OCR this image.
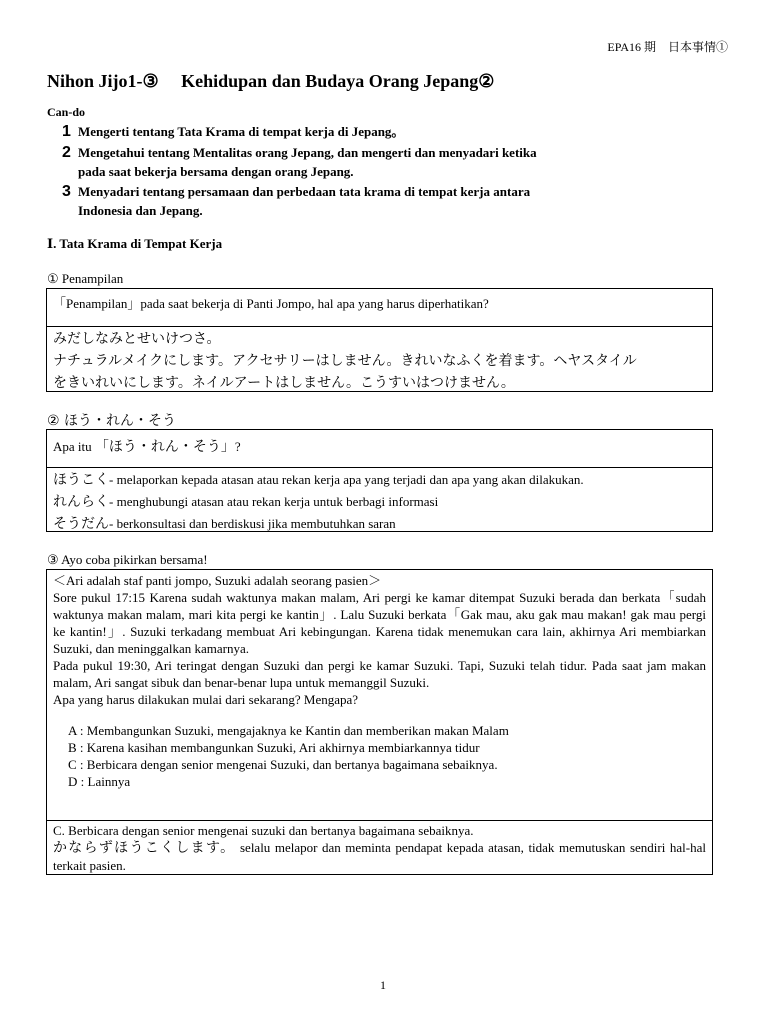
EPA16 期　日本事情①
Nihon Jijo1-③　 Kehidupan dan Budaya Orang Jepang②
Can-do
1 Mengerti tentang Tata Krama di tempat kerja di Jepang。
2 Mengetahui tentang Mentalitas orang Jepang, dan mengerti dan menyadari ketika
pada saat bekerja bersama dengan orang Jepang.
3 Menyadari tentang persamaan dan perbedaan tata krama di tempat kerja antara
Indonesia dan Jepang.
Ⅰ. Tata Krama di Tempat Kerja
① Penampilan
「Penampilan」pada saat bekerja di Panti Jompo, hal apa yang harus diperhatikan?
みだしなみとせいけつさ。
ナチュラルメイクにします。アクセサリーはしません。きれいなふくを着ます。ヘヤスタイル
をきいれいにします。ネイルアートはしません。こうすいはつけません。
② ほう・れん・そう
Apa itu 「ほう・れん・そう」?
ほうこく- melaporkan kepada atasan atau rekan kerja apa yang terjadi dan apa yang akan dilakukan.
れんらく- menghubungi atasan atau rekan kerja untuk berbagi informasi
そうだん- berkonsultasi dan berdiskusi jika membutuhkan saran
③ Ayo coba pikirkan bersama!

＜Ari adalah staf panti jompo, Suzuki adalah seorang pasien＞

Sore pukul 17:15 Karena sudah waktunya makan malam, Ari pergi ke kamar ditempat Suzuki berada dan berkata「sudah waktunya makan malam, mari kita pergi ke kantin」. Lalu Suzuki berkata「Gak mau, aku gak mau makan! gak mau pergi ke kantin!」. Suzuki terkadang membuat Ari kebingungan. Karena tidak menemukan cara lain, akhirnya Ari membiarkan Suzuki, dan meninggalkan kamarnya.

Pada pukul 19:30, Ari teringat dengan Suzuki dan pergi ke kamar Suzuki. Tapi, Suzuki telah tidur. Pada saat jam makan malam, Ari sangat sibuk dan benar-benar lupa untuk memanggil Suzuki.

Apa yang harus dilakukan mulai dari sekarang? Mengapa?

A : Membangunkan Suzuki, mengajaknya ke Kantin dan memberikan makan Malam
B : Karena kasihan membangunkan Suzuki, Ari akhirnya membiarkannya tidur
C : Berbicara dengan senior mengenai Suzuki, dan bertanya bagaimana sebaiknya.
D : Lainnya

C. Berbicara dengan senior mengenai suzuki dan bertanya bagaimana sebaiknya.

かならずほうこくします。 selalu melapor dan meminta pendapat kepada atasan, tidak memutuskan sendiri hal-hal terkait pasien.

1
